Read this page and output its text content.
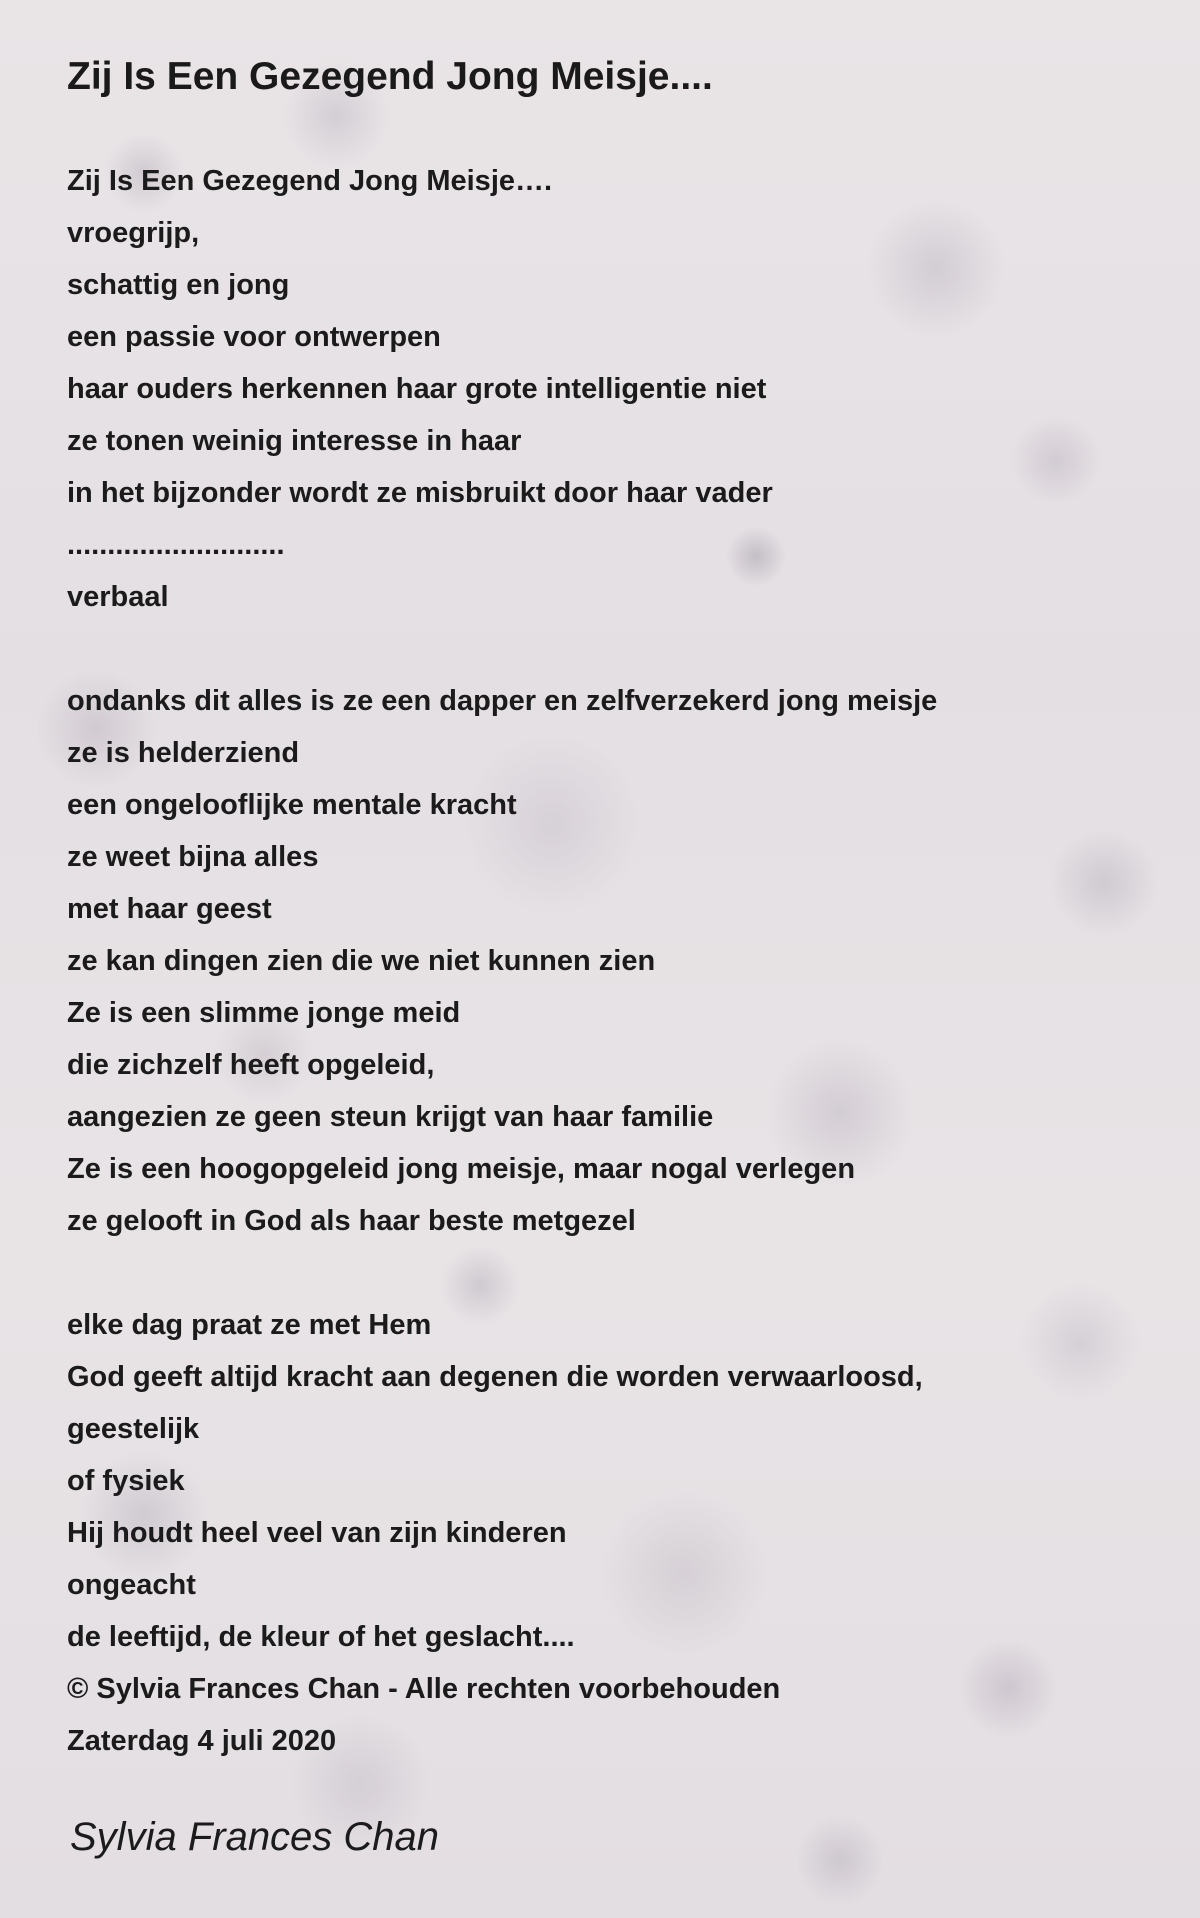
Zij Is Een Gezegend Jong Meisje....
Zij Is Een Gezegend Jong Meisje….
vroegrijp,
schattig en jong
een passie voor ontwerpen
haar ouders herkennen haar grote intelligentie niet
ze tonen weinig interesse in haar
in het bijzonder wordt ze misbruikt door haar vader
...........................
verbaal
ondanks dit alles is ze een dapper en zelfverzekerd jong meisje
ze is helderziend
een ongelooflijke mentale kracht
ze weet bijna alles
met haar geest
ze kan dingen zien die we niet kunnen zien
Ze is een slimme jonge meid
die zichzelf heeft opgeleid,
aangezien ze geen steun krijgt van haar familie
Ze is een hoogopgeleid jong meisje, maar nogal verlegen
ze gelooft in God als haar beste metgezel
elke dag praat ze met Hem
God geeft altijd kracht aan degenen die worden verwaarloosd,
geestelijk
of fysiek
Hij houdt heel veel van zijn kinderen
ongeacht
de leeftijd, de kleur of het geslacht....
© Sylvia Frances Chan - Alle rechten voorbehouden
Zaterdag 4 juli 2020

Sylvia Frances Chan
